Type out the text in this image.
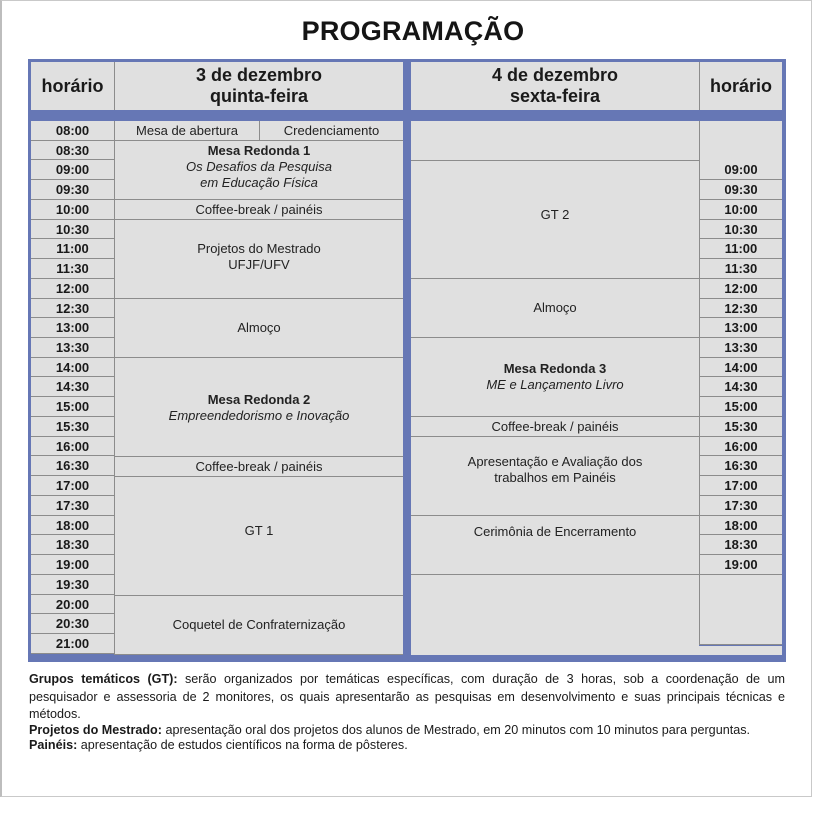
PROGRAMAÇÃO
horário
3 de dezembro
quinta-feira
4 de dezembro
sexta-feira
horário
08:00
08:30
09:00
09:30
10:00
10:30
11:00
11:30
12:00
12:30
13:00
13:30
14:00
14:30
15:00
15:30
16:00
16:30
17:00
17:30
18:00
18:30
19:00
19:30
20:00
20:30
21:00
09:00
09:30
10:00
10:30
11:00
11:30
12:00
12:30
13:00
13:30
14:00
14:30
15:00
15:30
16:00
16:30
17:00
17:30
18:00
18:30
19:00
Mesa de abertura	Credenciamento
Mesa Redonda 1
Os Desafios da Pesquisa
em Educação Física
Coffee-break / painéis
Projetos do Mestrado
UFJF/UFV
Almoço
Mesa Redonda 2
Empreendedorismo e Inovação
Coffee-break / painéis
GT 1
Coquetel de Confraternização
GT 2
Almoço
Mesa Redonda 3
ME e Lançamento Livro
Coffee-break / painéis
Apresentação e Avaliação dos
trabalhos em Painéis
Cerimônia de Encerramento

Grupos temáticos (GT): serão organizados por temáticas específicas, com duração de 3 horas, sob a coordenação de um pesquisador e assessoria de 2 monitores, os quais apresentarão as pesquisas em desenvolvimento e suas principais técnicas e métodos.

Projetos do Mestrado: apresentação oral dos projetos dos alunos de Mestrado, em 20 minutos com 10 minutos para perguntas.

Painéis: apresentação de estudos científicos na forma de pôsteres.
